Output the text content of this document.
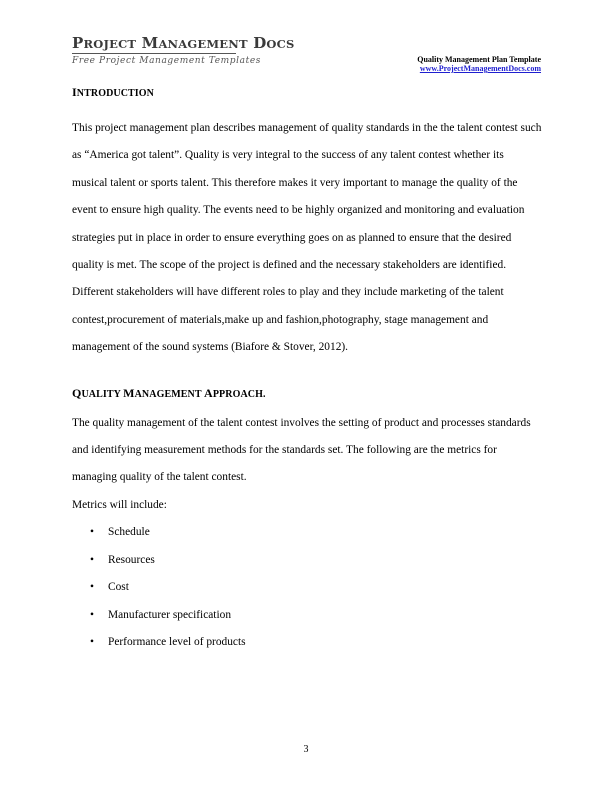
PROJECT MANAGEMENT DOCS
Free Project Management Templates	Quality Management Plan Template
www.ProjectManagementDocs.com
INTRODUCTION

This project management plan describes management of quality standards in the the talent contest such as “America got talent”. Quality is very integral to the success of any talent contest whether its musical talent or sports talent. This therefore makes it very important to manage the quality of the event to ensure high quality. The events need to be highly organized and monitoring and evaluation strategies put in place in order to ensure everything goes on as planned to ensure that the desired quality is met. The scope of the project is defined and the necessary stakeholders are identified. Different stakeholders will have different roles to play and they include marketing of the talent contest,procurement of materials,make up and fashion,photography, stage management and management of the sound systems (Biafore & Stover, 2012).

QUALITY MANAGEMENT APPROACH.

The quality management of the talent contest involves the setting of product and processes standards and identifying measurement methods for the standards set. The following are the metrics for managing quality of the talent contest.

Metrics will include:

• Schedule
• Resources
• Cost
• Manufacturer specification
• Performance level of products
3
